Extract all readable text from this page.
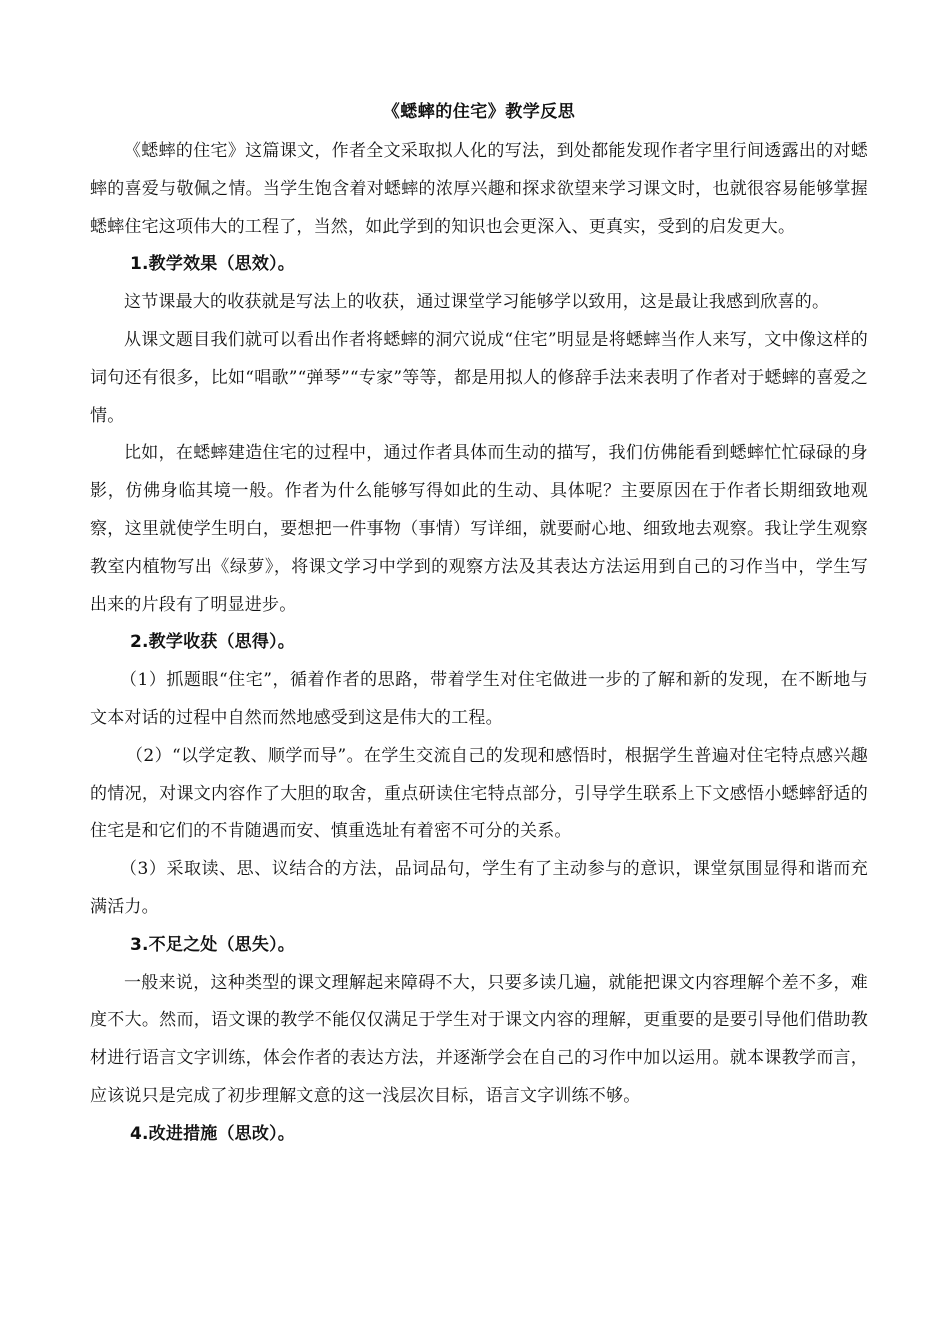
《蟋蟀的住宅》教学反思

《蟋蟀的住宅》这篇课文，作者全文采取拟人化的写法，到处都能发现作者字里行间透露出的对蟋蟀的喜爱与敬佩之情。当学生饱含着对蟋蟀的浓厚兴趣和探求欲望来学习课文时，也就很容易能够掌握蟋蟀住宅这项伟大的工程了，当然，如此学到的知识也会更深入、更真实，受到的启发更大。

1.教学效果（思效）。

这节课最大的收获就是写法上的收获，通过课堂学习能够学以致用，这是最让我感到欣喜的。

从课文题目我们就可以看出作者将蟋蟀的洞穴说成“住宅”明显是将蟋蟀当作人来写，文中像这样的词句还有很多，比如“唱歌”“弹琴”“专家”等等，都是用拟人的修辞手法来表明了作者对于蟋蟀的喜爱之情。

比如，在蟋蟀建造住宅的过程中，通过作者具体而生动的描写，我们仿佛能看到蟋蟀忙忙碌碌的身影，仿佛身临其境一般。作者为什么能够写得如此的生动、具体呢？主要原因在于作者长期细致地观察，这里就使学生明白，要想把一件事物（事情）写详细，就要耐心地、细致地去观察。我让学生观察教室内植物写出《绿萝》，将课文学习中学到的观察方法及其表达方法运用到自己的习作当中，学生写出来的片段有了明显进步。

2.教学收获（思得）。

（1）抓题眼“住宅”，循着作者的思路，带着学生对住宅做进一步的了解和新的发现，在不断地与文本对话的过程中自然而然地感受到这是伟大的工程。

（2）“以学定教、顺学而导”。在学生交流自己的发现和感悟时，根据学生普遍对住宅特点感兴趣的情况，对课文内容作了大胆的取舍，重点研读住宅特点部分，引导学生联系上下文感悟小蟋蟀舒适的住宅是和它们的不肯随遇而安、慎重选址有着密不可分的关系。

（3）采取读、思、议结合的方法，品词品句，学生有了主动参与的意识，课堂氛围显得和谐而充满活力。

3.不足之处（思失）。

一般来说，这种类型的课文理解起来障碍不大，只要多读几遍，就能把课文内容理解个差不多，难度不大。然而，语文课的教学不能仅仅满足于学生对于课文内容的理解，更重要的是要引导他们借助教材进行语言文字训练，体会作者的表达方法，并逐渐学会在自己的习作中加以运用。就本课教学而言，应该说只是完成了初步理解文意的这一浅层次目标，语言文字训练不够。

4.改进措施（思改）。
